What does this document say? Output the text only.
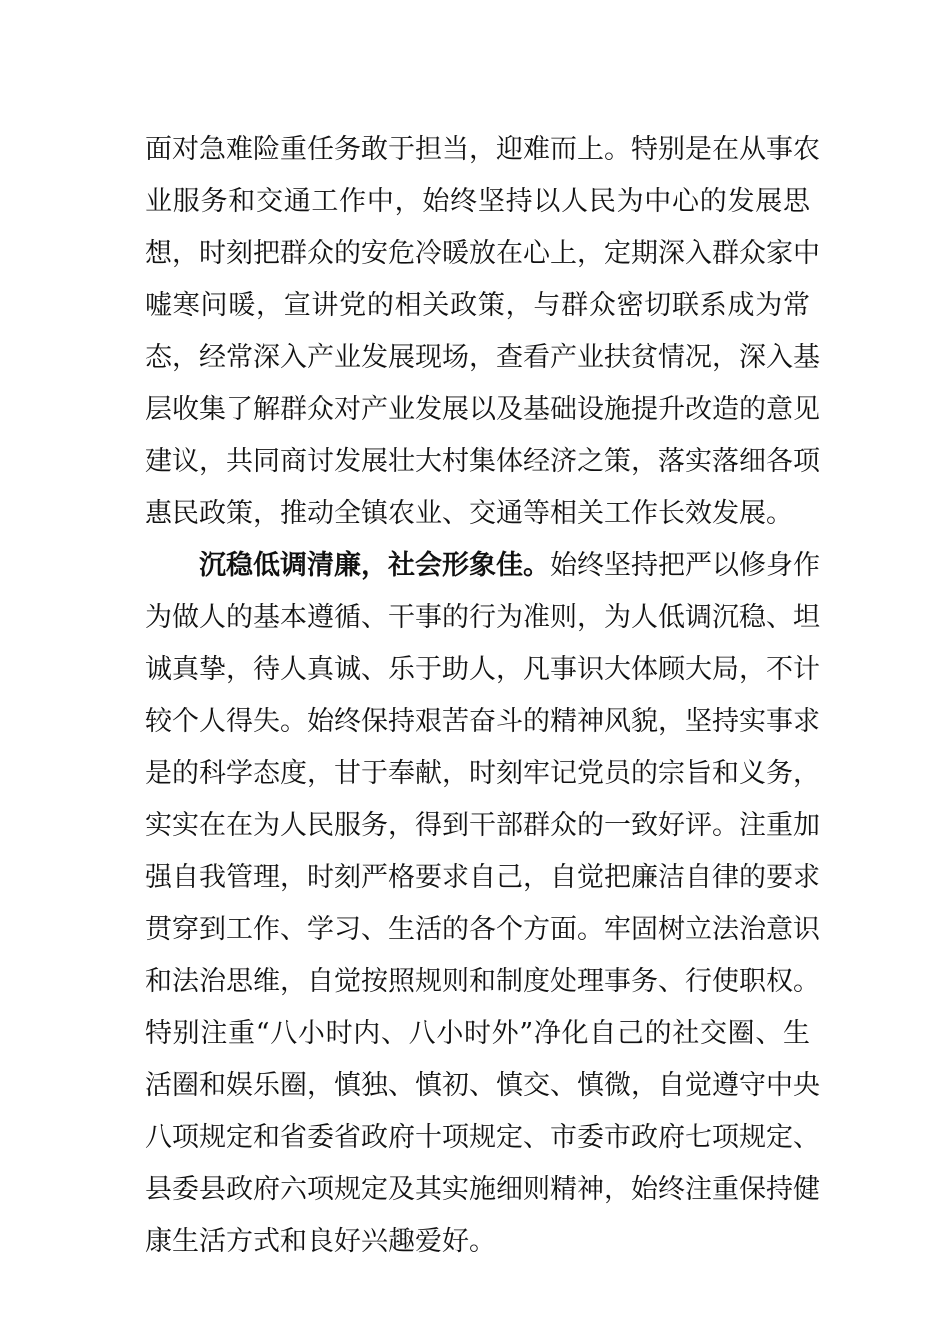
面对急难险重任务敢于担当，迎难而上。特别是在从事农
业服务和交通工作中，始终坚持以人民为中心的发展思
想，时刻把群众的安危冷暖放在心上，定期深入群众家中
嘘寒问暖，宣讲党的相关政策，与群众密切联系成为常
态，经常深入产业发展现场，查看产业扶贫情况，深入基
层收集了解群众对产业发展以及基础设施提升改造的意见
建议，共同商讨发展壮大村集体经济之策，落实落细各项
惠民政策，推动全镇农业、交通等相关工作长效发展。
沉稳低调清廉，社会形象佳。始终坚持把严以修身作
为做人的基本遵循、干事的行为准则，为人低调沉稳、坦
诚真挚，待人真诚、乐于助人，凡事识大体顾大局，不计
较个人得失。始终保持艰苦奋斗的精神风貌，坚持实事求
是的科学态度，甘于奉献，时刻牢记党员的宗旨和义务，
实实在在为人民服务，得到干部群众的一致好评。注重加
强自我管理，时刻严格要求自己，自觉把廉洁自律的要求
贯穿到工作、学习、生活的各个方面。牢固树立法治意识
和法治思维，自觉按照规则和制度处理事务、行使职权。
特别注重“八小时内、八小时外”净化自己的社交圈、生
活圈和娱乐圈，慎独、慎初、慎交、慎微，自觉遵守中央
八项规定和省委省政府十项规定、市委市政府七项规定、
县委县政府六项规定及其实施细则精神，始终注重保持健
康生活方式和良好兴趣爱好。
